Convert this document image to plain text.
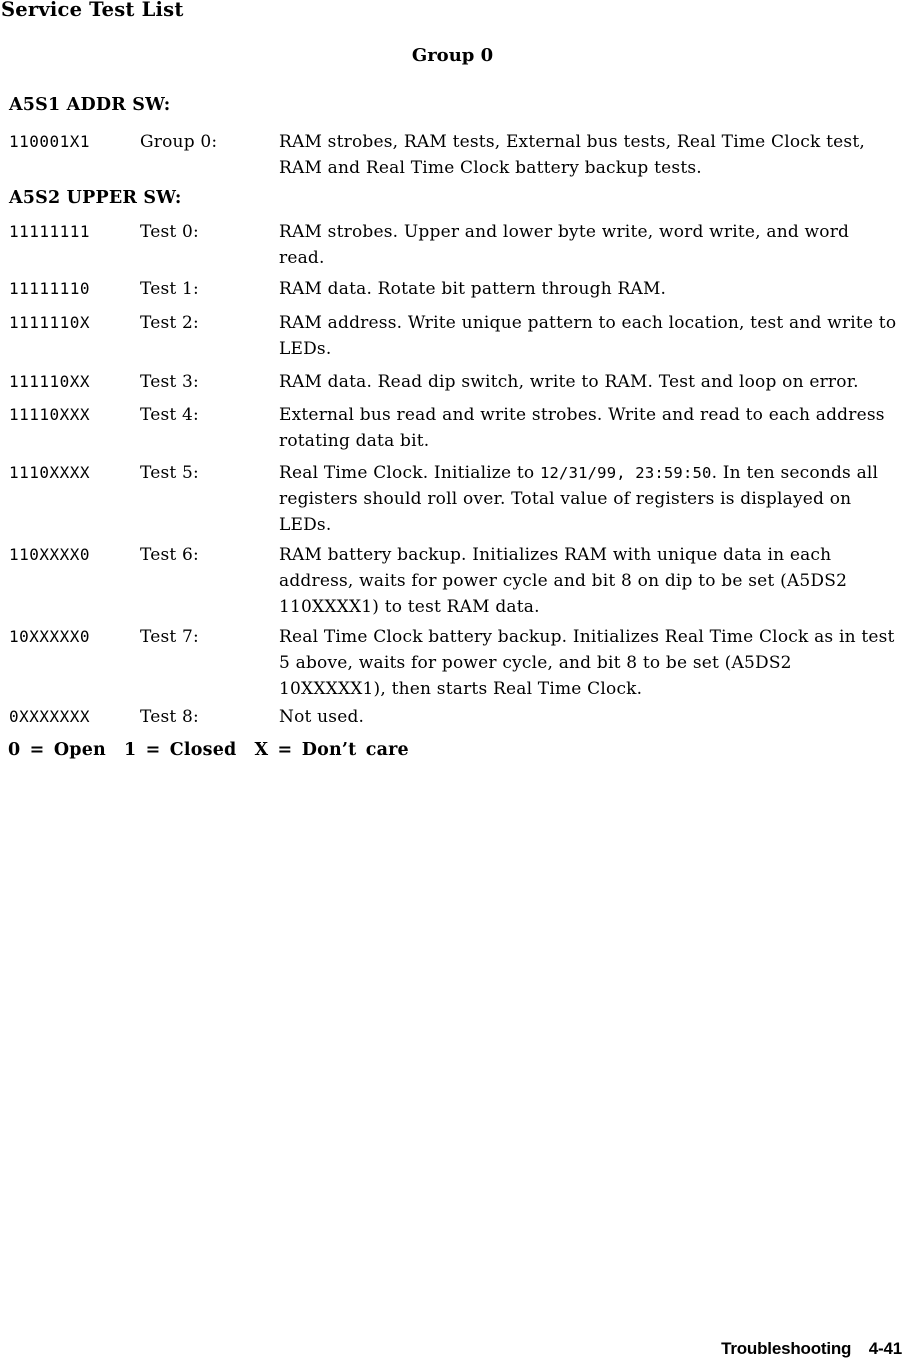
Service Test List
Group 0
A5S1 ADDR SW:
110001X1	Group 0:	RAM strobes, RAM tests, External bus tests, Real Time Clock test, RAM and Real Time Clock battery backup tests.
A5S2 UPPER SW:
11111111	Test 0:	RAM strobes. Upper and lower byte write, word write, and word read.
11111110	Test 1:	RAM data. Rotate bit pattern through RAM.
1111110X	Test 2:	RAM address. Write unique pattern to each location, test and write to LEDs.
111110XX	Test 3:	RAM data. Read dip switch, write to RAM. Test and loop on error.
11110XXX	Test 4:	External bus read and write strobes. Write and read to each address rotating data bit.
1110XXXX	Test 5:	Real Time Clock. Initialize to 12/31/99, 23:59:50. In ten seconds all registers should roll over. Total value of registers is displayed on LEDs.
110XXXX0	Test 6:	RAM battery backup. Initializes RAM with unique data in each address, waits for power cycle and bit 8 on dip to be set (A5DS2 110XXXX1) to test RAM data.
10XXXXX0	Test 7:	Real Time Clock battery backup. Initializes Real Time Clock as in test 5 above, waits for power cycle, and bit 8 to be set (A5DS2 10XXXXX1), then starts Real Time Clock.
0XXXXXXX	Test 8:	Not used.
0 = Open 1 = Closed X = Don’t care
Troubleshooting 4-41
